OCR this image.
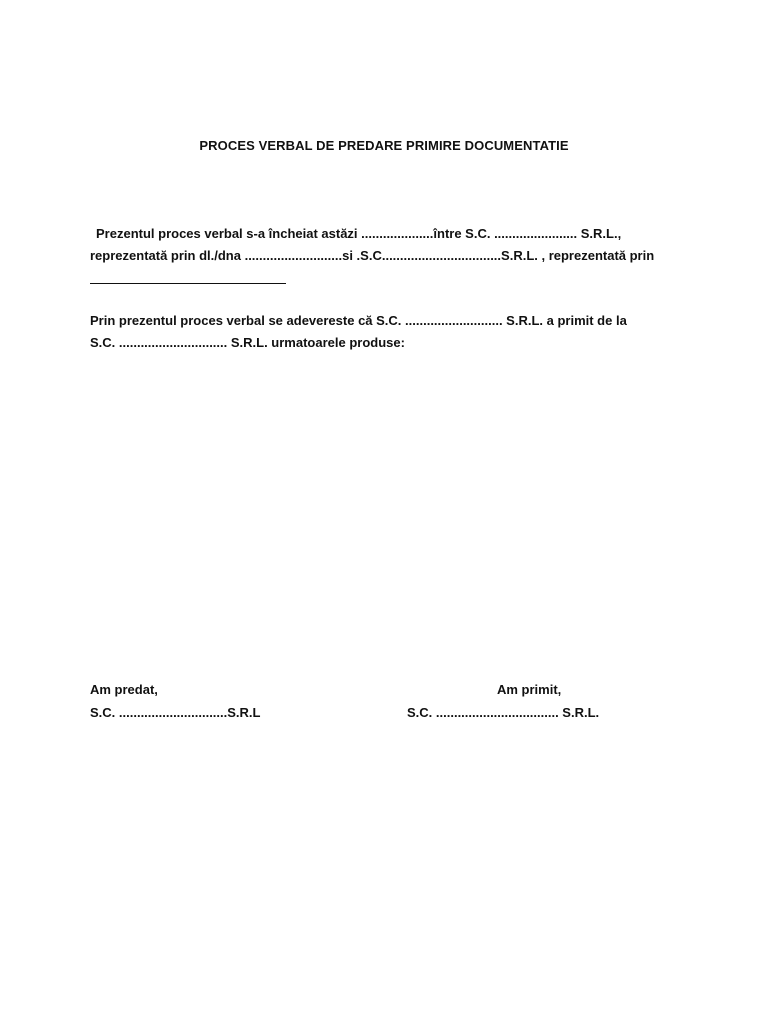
PROCES VERBAL DE PREDARE PRIMIRE DOCUMENTATIE
Prezentul proces verbal s-a încheiat astăzi ....................între S.C. ....................... S.R.L.,
reprezentată prin dl./dna ...........................si .S.C.................................S.R.L. , reprezentată prin
Prin prezentul proces verbal se adevereste că S.C. ........................... S.R.L. a primit de la
S.C. .............................. S.R.L. urmatoarele produse:
Am predat,
S.C. ..............................S.R.L
Am primit,
S.C. .................................. S.R.L.
